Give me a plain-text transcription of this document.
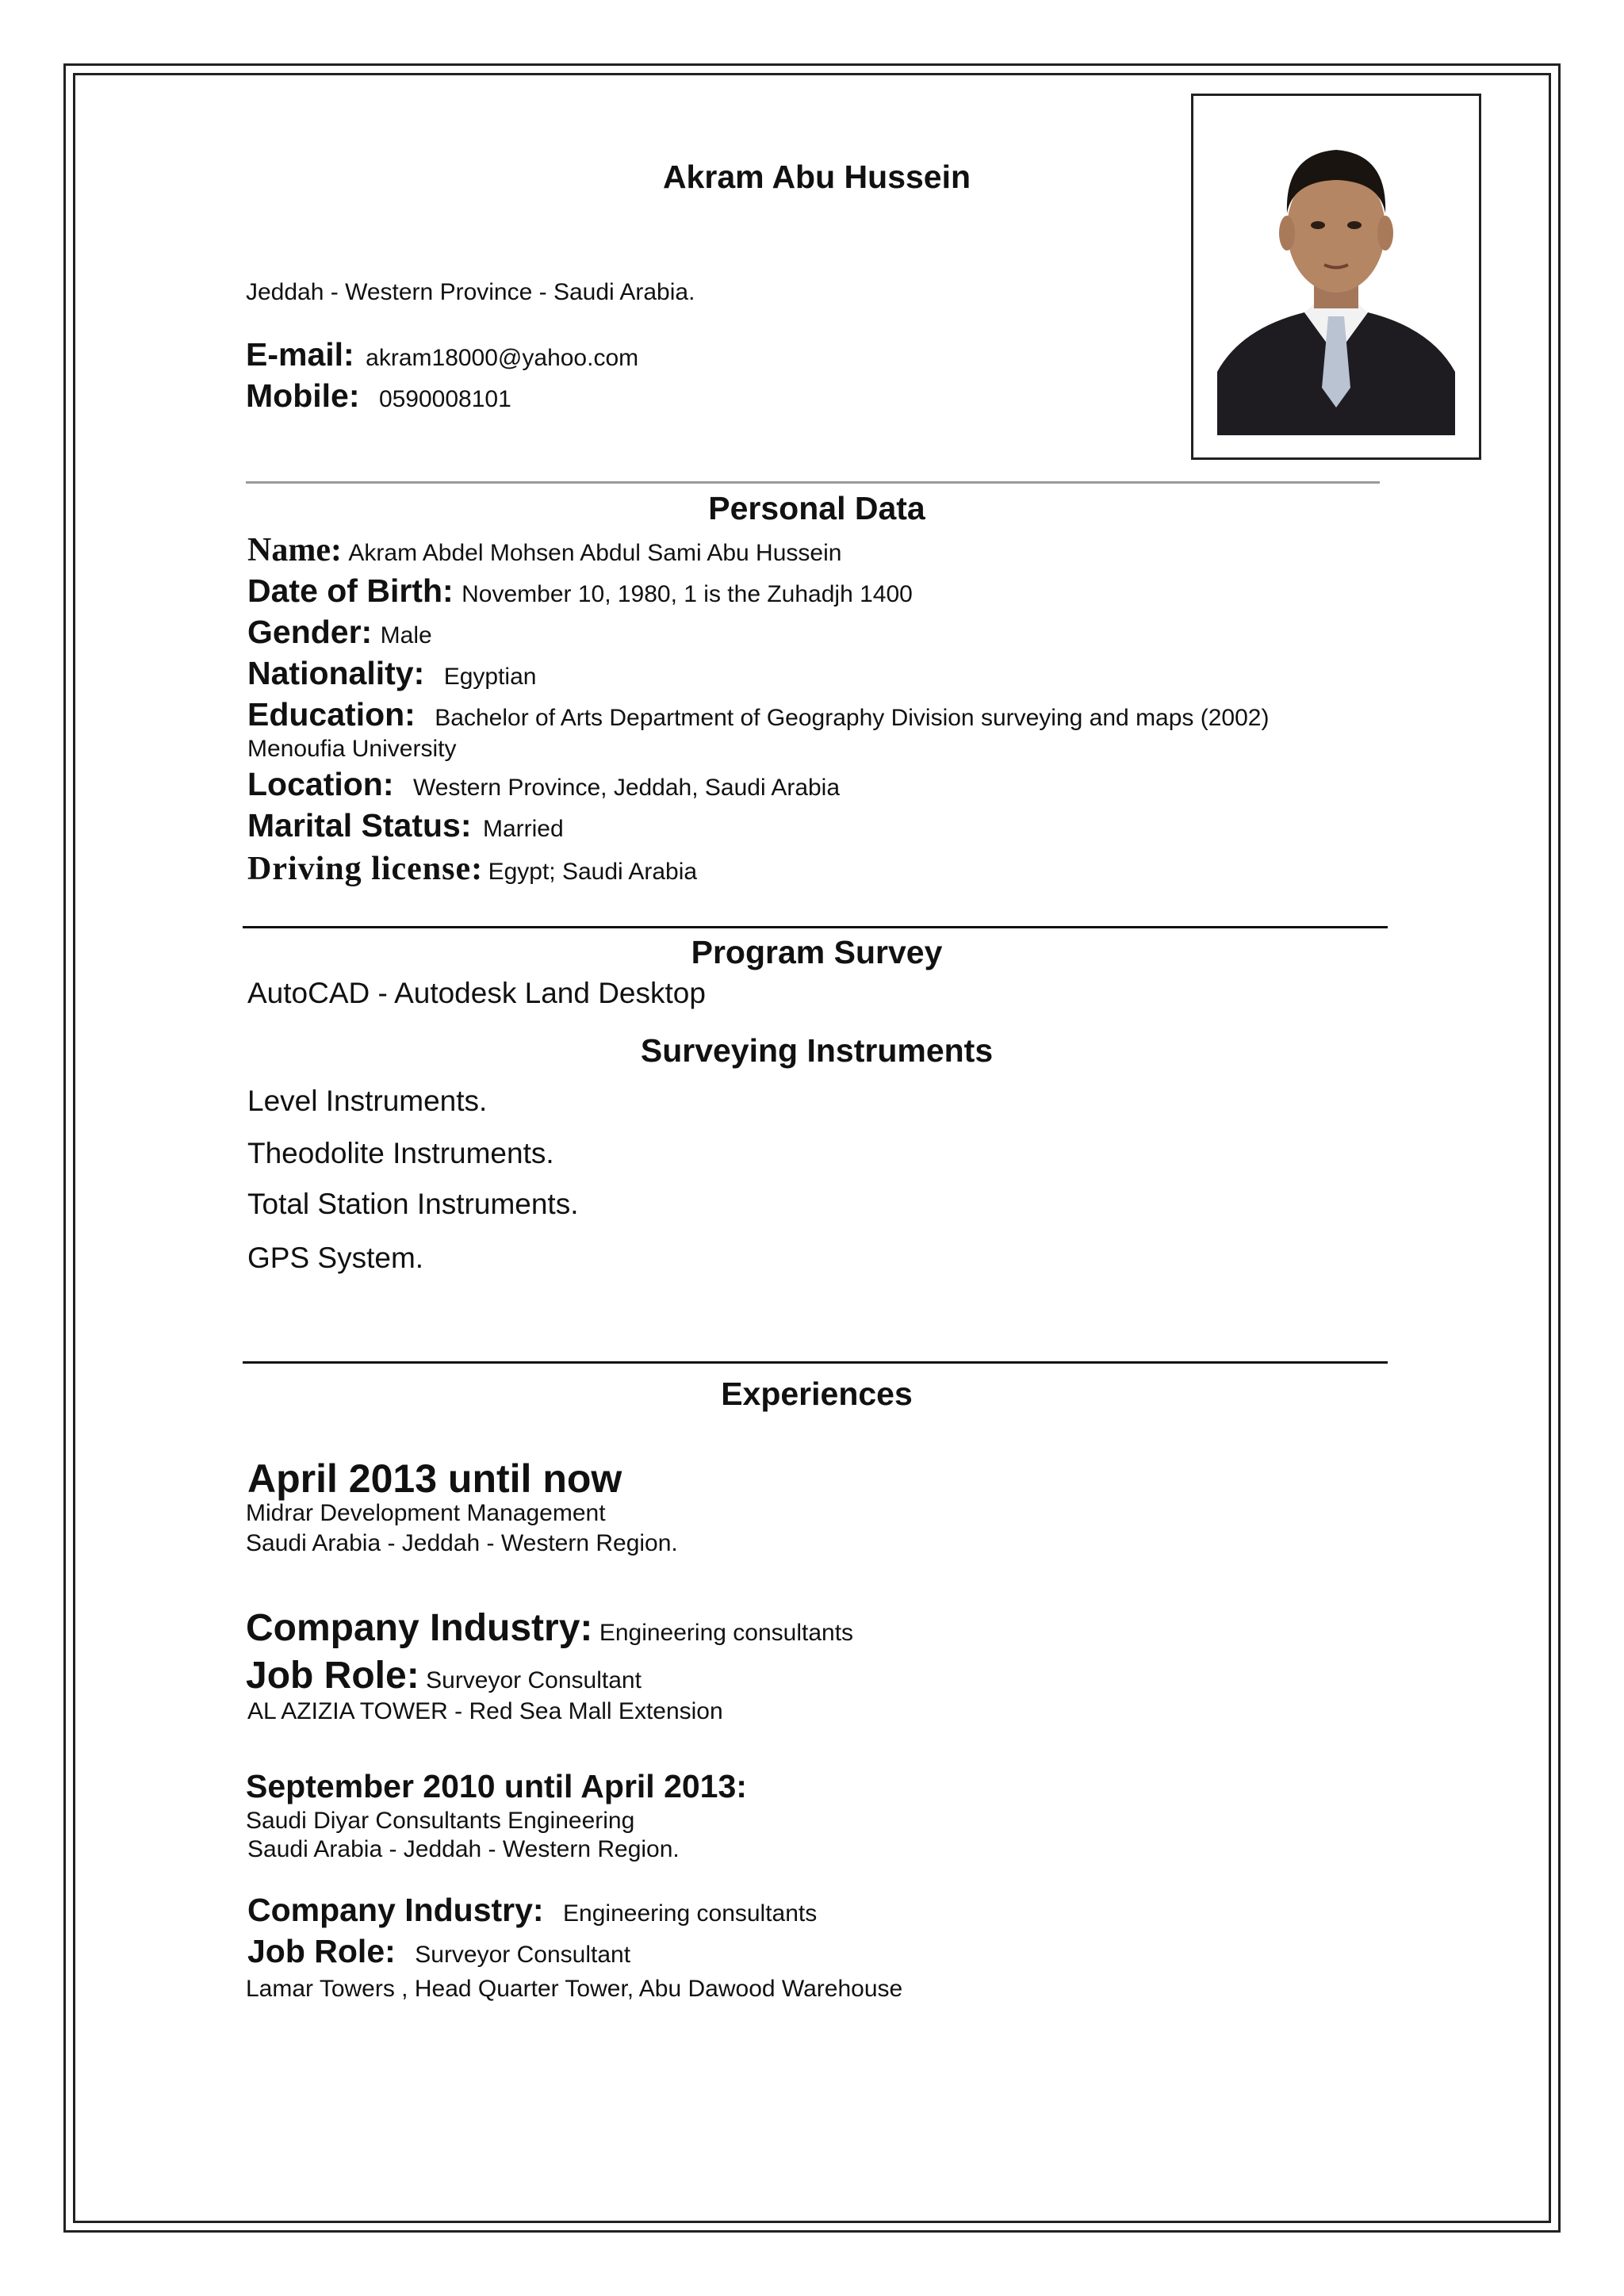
Akram Abu Hussein
Jeddah - Western Province - Saudi Arabia.
E-mail: akram18000@yahoo.com
Mobile: 0590008101
Personal Data
Name: Akram Abdel Mohsen Abdul Sami Abu Hussein
Date of Birth: November 10, 1980, 1 is the Zuhadjh 1400
Gender: Male
Nationality: Egyptian
Education: Bachelor of Arts Department of Geography Division surveying and maps (2002)
Menoufia University
Location: Western Province, Jeddah, Saudi Arabia
Marital Status: Married
Driving license: Egypt; Saudi Arabia
Program Survey
AutoCAD - Autodesk Land Desktop
Surveying Instruments
Level Instruments.
Theodolite Instruments.
Total Station Instruments.
GPS System.
Experiences
April 2013 until now
Midrar Development Management
Saudi Arabia - Jeddah - Western Region.
Company Industry: Engineering consultants
Job Role: Surveyor Consultant
AL AZIZIA TOWER - Red Sea Mall Extension
September 2010 until April 2013:
Saudi Diyar Consultants Engineering
Saudi Arabia - Jeddah - Western Region.
Company Industry: Engineering consultants
Job Role: Surveyor Consultant
Lamar Towers , Head Quarter Tower, Abu Dawood Warehouse
